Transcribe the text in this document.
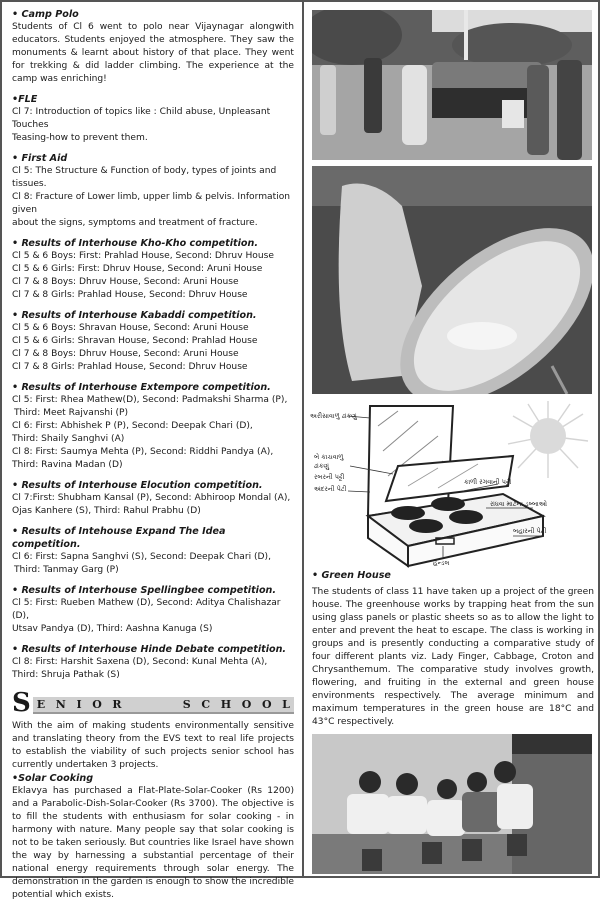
• Camp Polo

Students of Cl 6 went to polo near Vijaynagar alongwith educators. Students enjoyed the atmosphere. They saw the monuments & learnt about history of that place. They went for trekking & did ladder climbing. The experience at the camp was enriching!

•FLE
Cl 7: Introduction of topics like : Child abuse, Unpleasant Touches
Teasing-how to prevent them.
• First Aid
Cl 5: The Structure & Function of body, types of joints and tissues.
Cl 8: Fracture of Lower limb, upper limb & pelvis. Information given
about the signs, symptoms and treatment of fracture.
• Results of Interhouse Kho-Kho competition.
Cl 5 & 6 Boys: First: Prahlad House, Second: Dhruv House
Cl 5 & 6 Girls: First: Dhruv House, Second: Aruni House
Cl 7 & 8 Boys: Dhruv House, Second: Aruni House
Cl 7 & 8 Girls: Prahlad House, Second: Dhruv House
• Results of Interhouse Kabaddi competition.
Cl 5 & 6 Boys: Shravan House, Second: Aruni House
Cl 5 & 6 Girls: Shravan House, Second: Prahlad House
Cl 7 & 8 Boys: Dhruv House, Second: Aruni House
Cl 7 & 8 Girls: Prahlad House, Second: Dhruv House
• Results of Interhouse Extempore competition.
Cl 5: First: Rhea Mathew(D), Second: Padmakshi Sharma (P),
Third: Meet Rajvanshi (P)
Cl 6: First: Abhishek P (P), Second: Deepak Chari (D),
Third: Shaily Sanghvi (A)
Cl 8: First: Saumya Mehta (P), Second: Riddhi Pandya (A),
Third: Ravina Madan (D)
• Results of Interhouse Elocution competition.
Cl 7:First: Shubham Kansal (P), Second: Abhiroop Mondal (A),
Ojas Kanhere (S), Third: Rahul Prabhu (D)
• Results of Intehouse Expand The Idea competition.
Cl 6: First: Sapna Sanghvi (S), Second: Deepak Chari (D),
Third: Tanmay Garg (P)
• Results of Interhouse Spellingbee competition.
Cl 5: First: Rueben Mathew (D), Second: Aditya Chalishazar (D),
Utsav Pandya (D), Third: Aashna Kanuga (S)
• Results of Interhouse Hinde Debate competition.
Cl 8: First: Harshit Saxena (D), Second: Kunal Mehta (A),
Third: Shruja Pathak (S)
S E N I O R	S C H O O L

With the aim of making students environmentally sensitive and translating theory from the EVS text to real life projects to establish the viability of such projects senior school has currently undertaken 3 projects.

•Solar Cooking

Eklavya has purchased a Flat-Plate-Solar-Cooker (Rs 1200) and a Parabolic-Dish-Solar-Cooker (Rs 3700). The objective is to fill the students with enthusiasm for solar cooking - in harmony with nature. Many people say that solar cooking is not to be taken seriously. But countries like Israel have shown the way by harnessing a substantial percentage of their national energy requirements through solar energy. The demonstration in the garden is enough to show the incredible potential which exists.

અરીસાવાળું ઢાંકણું
બે કાચવાળું
ઢાંકણું
રબરની પટ્ટી
અંદરની પેટી
કાળી રંગવાની પટ્ટી
રાંધવા માટેના ડબ્બાઓ
બહારની પેટી
હેન્ડલ
• Green House

The students of class 11 have taken up a project of the green house. The greenhouse works by trapping heat from the sun using glass panels or plastic sheets so as to allow the light to enter and prevent the heat to escape. The class is working in groups and is presently conducting a comparative study of four different plants viz. Lady Finger, Cabbage, Croton and Chrysanthemum. The comparative study involves growth, flowering, and fruiting in the external and green house environments respectively. The average minimum and maximum temperatures in the green house are 18°C and 43°C respectively.
